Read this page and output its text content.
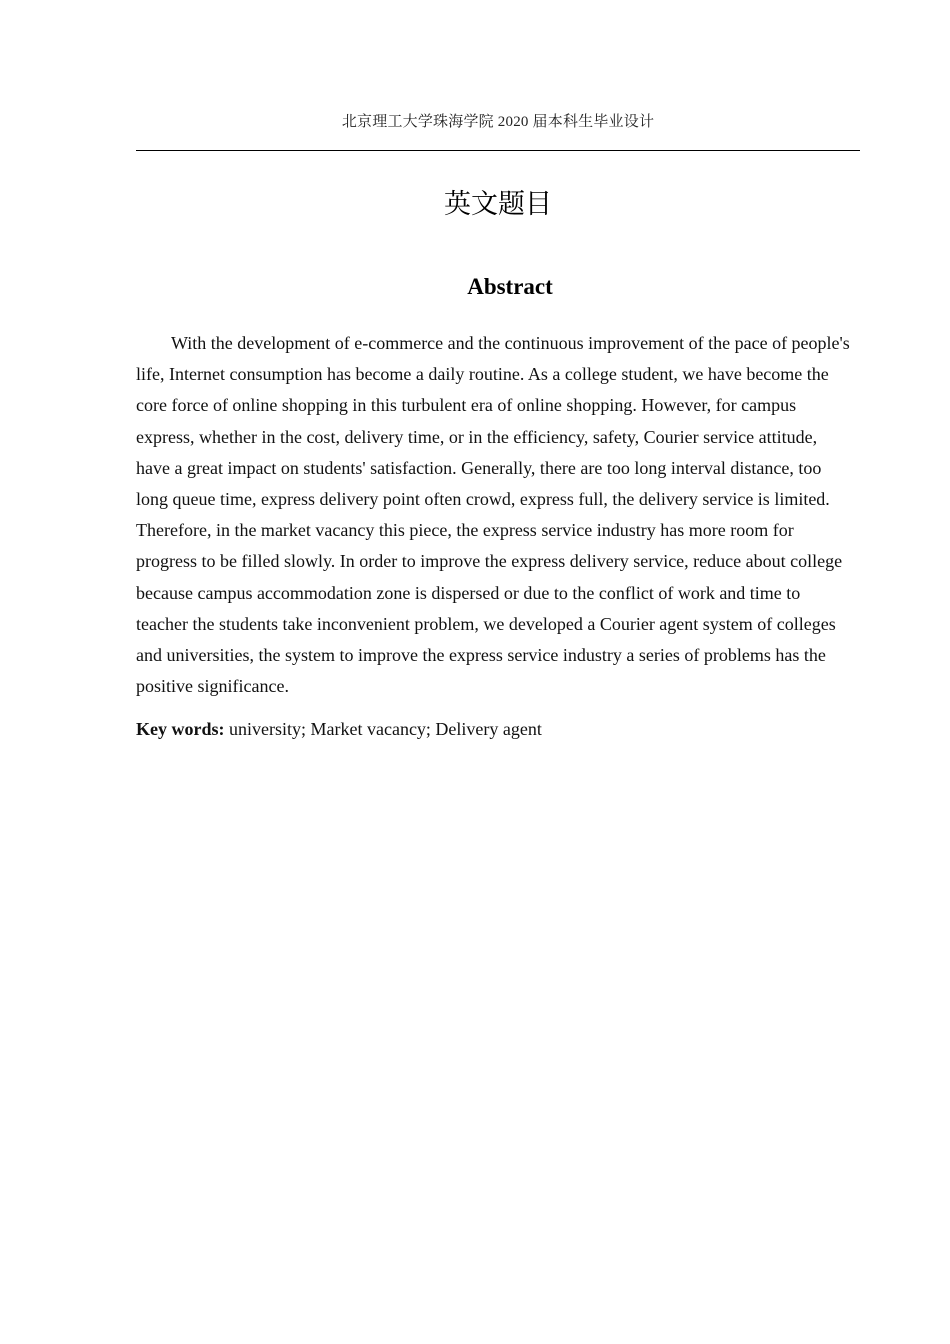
北京理工大学珠海学院 2020 届本科生毕业设计
英文题目
Abstract

With the development of e-commerce and the continuous improvement of the pace of people's life, Internet consumption has become a daily routine. As a college student, we have become the core force of online shopping in this turbulent era of online shopping. However, for campus express, whether in the cost, delivery time, or in the efficiency, safety, Courier service attitude, have a great impact on students' satisfaction. Generally, there are too long interval distance, too long queue time, express delivery point often crowd, express full, the delivery service is limited. Therefore, in the market vacancy this piece, the express service industry has more room for progress to be filled slowly. In order to improve the express delivery service, reduce about college because campus accommodation zone is dispersed or due to the conflict of work and time to teacher the students take inconvenient problem, we developed a Courier agent system of colleges and universities, the system to improve the express service industry a series of problems has the positive significance.

Key words: university; Market vacancy; Delivery agent
